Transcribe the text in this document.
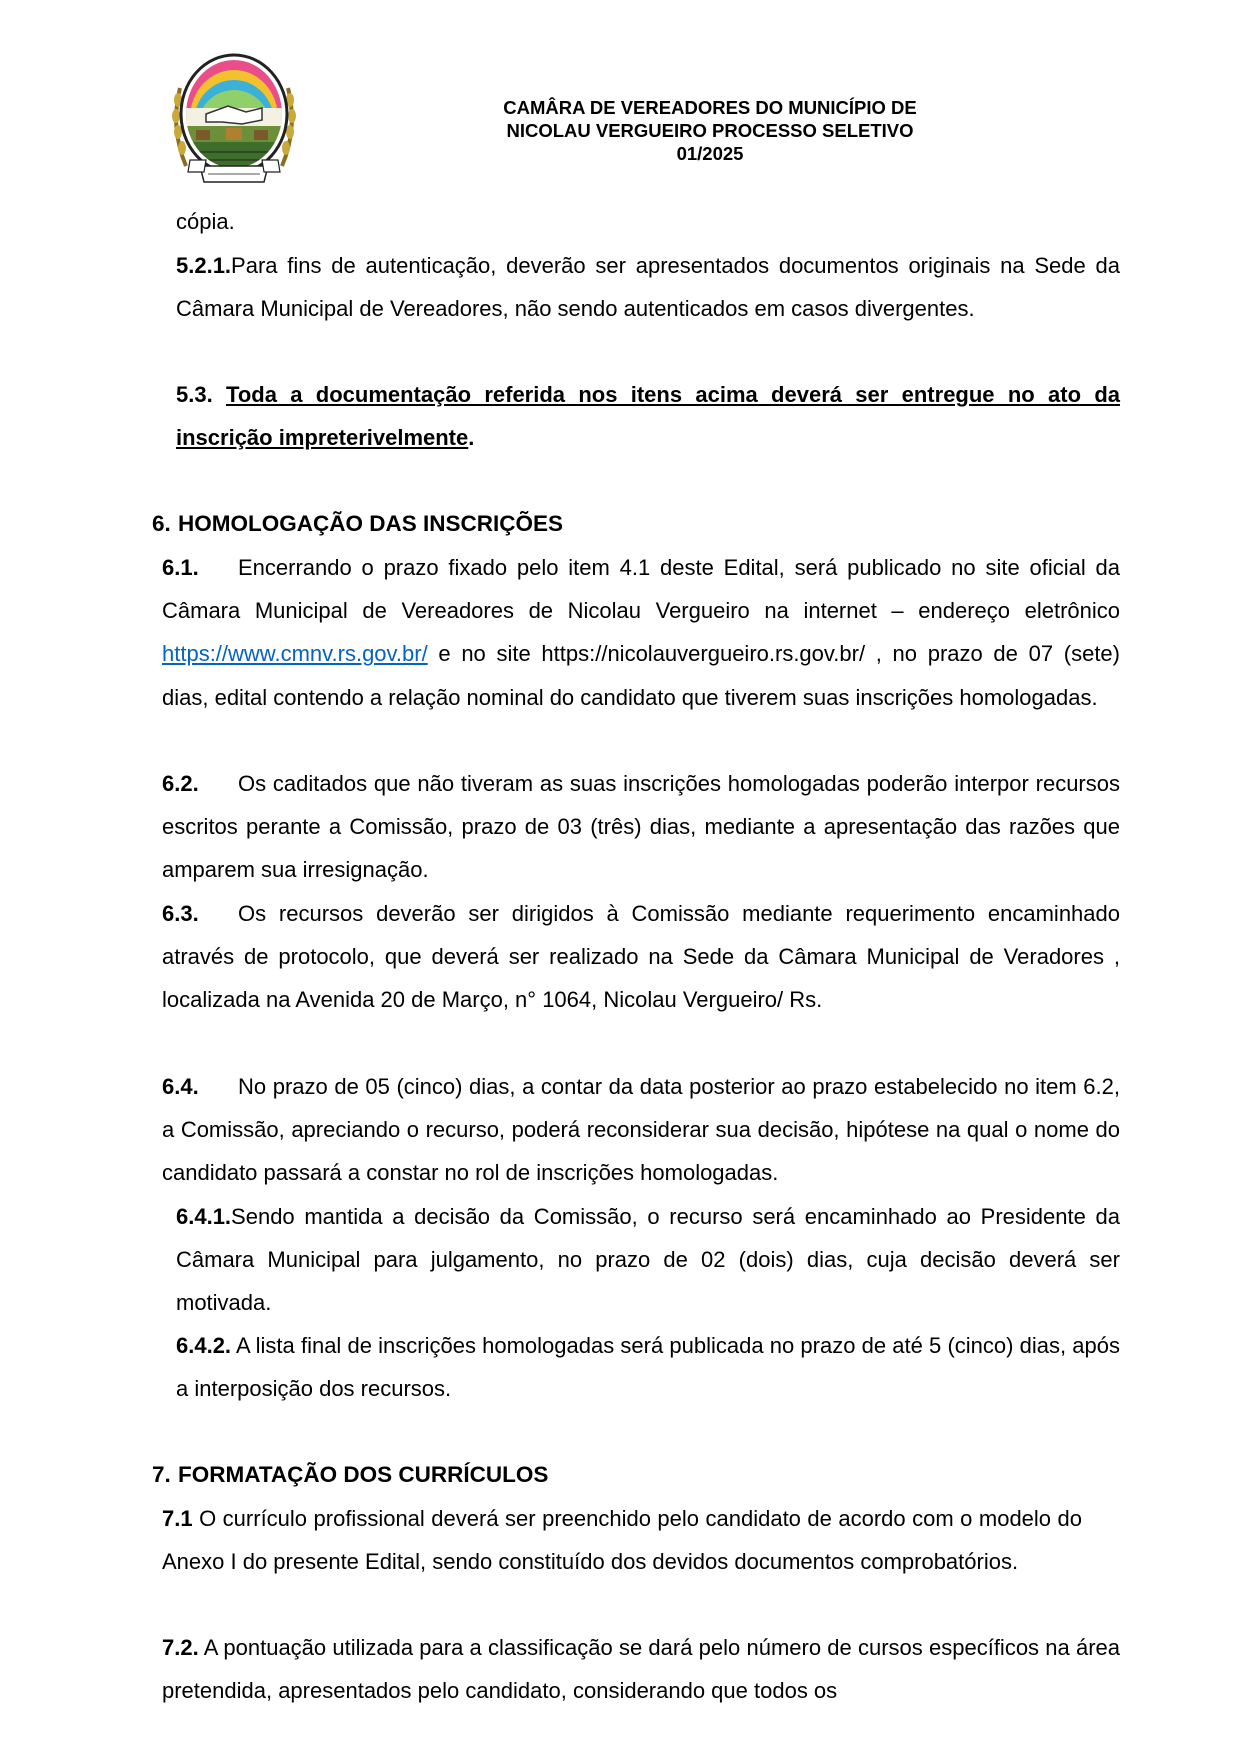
CAMÂRA DE VEREADORES DO MUNICÍPIO DE
NICOLAU VERGUEIRO PROCESSO SELETIVO
01/2025
cópia.
5.2.1.Para fins de autenticação, deverão ser apresentados documentos originais na Sede da Câmara Municipal de Vereadores, não sendo autenticados em casos divergentes.
5.3. Toda a documentação referida nos itens acima deverá ser entregue no ato da inscrição impreterivelmente.
6. HOMOLOGAÇÃO DAS INSCRIÇÕES
6.1. Encerrando o prazo fixado pelo item 4.1 deste Edital, será publicado no site oficial da Câmara Municipal de Vereadores de Nicolau Vergueiro na internet – endereço eletrônico https://www.cmnv.rs.gov.br/ e no site https://nicolauvergueiro.rs.gov.br/ , no prazo de 07 (sete) dias, edital contendo a relação nominal do candidato que tiverem suas inscrições homologadas.
6.2. Os caditados que não tiveram as suas inscrições homologadas poderão interpor recursos escritos perante a Comissão, prazo de 03 (três) dias, mediante a apresentação das razões que amparem sua irresignação.
6.3. Os recursos deverão ser dirigidos à Comissão mediante requerimento encaminhado através de protocolo, que deverá ser realizado na Sede da Câmara Municipal de Veradores , localizada na Avenida 20 de Março, n° 1064, Nicolau Vergueiro/ Rs.
6.4. No prazo de 05 (cinco) dias, a contar da data posterior ao prazo estabelecido no item 6.2, a Comissão, apreciando o recurso, poderá reconsiderar sua decisão, hipótese na qual o nome do candidato passará a constar no rol de inscrições homologadas.
6.4.1.Sendo mantida a decisão da Comissão, o recurso será encaminhado ao Presidente da Câmara Municipal para julgamento, no prazo de 02 (dois) dias, cuja decisão deverá ser motivada.
6.4.2. A lista final de inscrições homologadas será publicada no prazo de até 5 (cinco) dias, após a interposição dos recursos.
7. FORMATAÇÃO DOS CURRÍCULOS
7.1 O currículo profissional deverá ser preenchido pelo candidato de acordo com o modelo do Anexo I do presente Edital, sendo constituído dos devidos documentos comprobatórios.
7.2. A pontuação utilizada para a classificação se dará pelo número de cursos específicos na área pretendida, apresentados pelo candidato, considerando que todos os
